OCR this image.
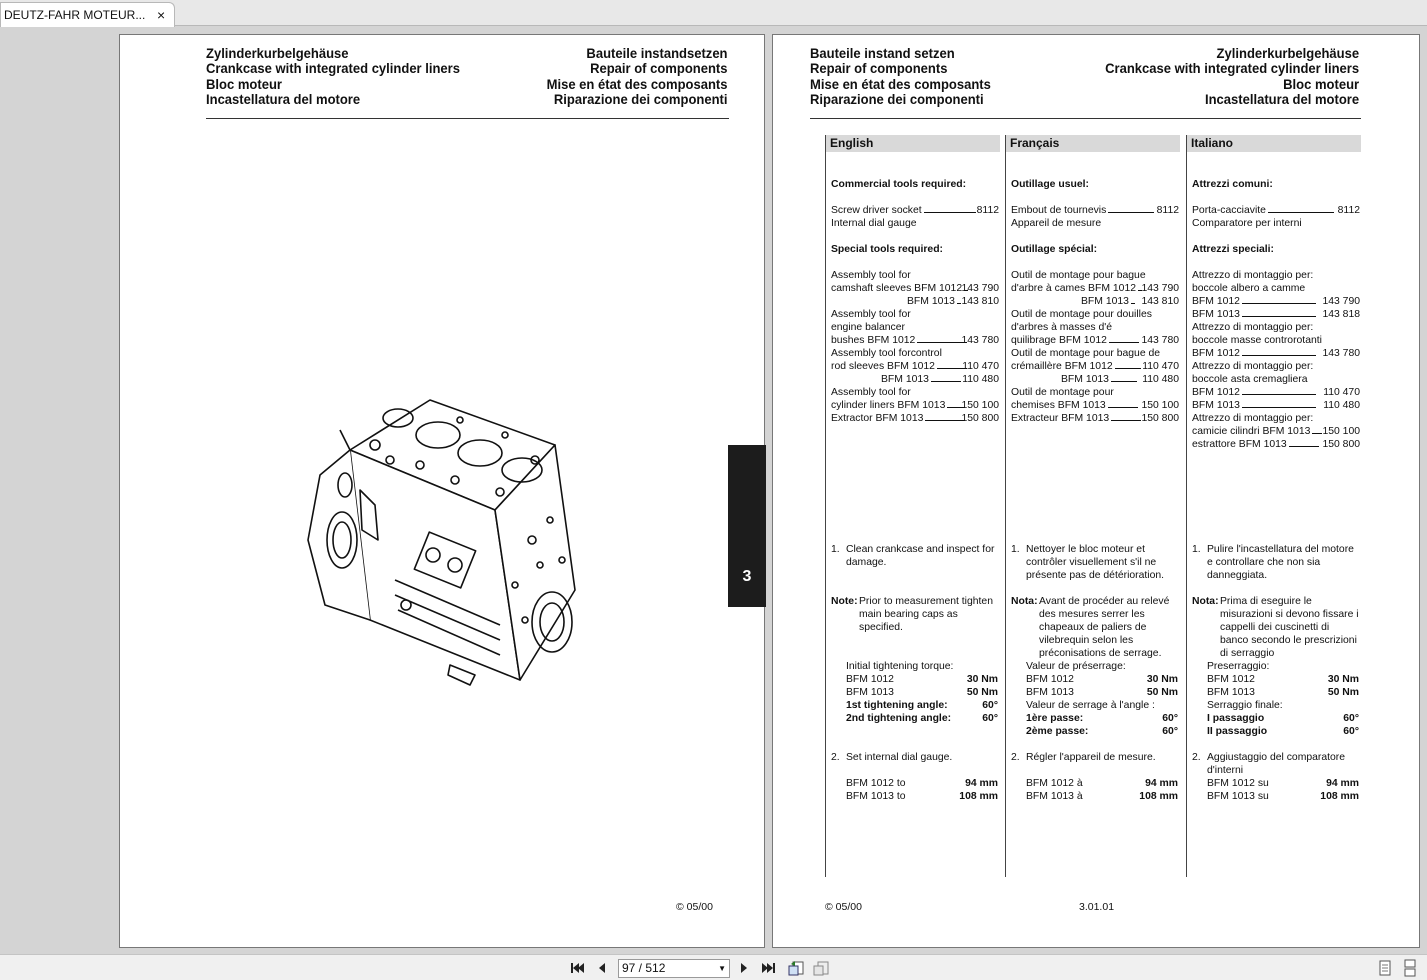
DEUTZ-FAHR MOTEUR... ×
Zylinderkurbelgehäuse
Crankcase with integrated cylinder liners
Bloc moteur
Incastellatura del motore
Bauteile instandsetzen
Repair of components
Mise en état des composants
Riparazione dei componenti
© 05/00
3
Bauteile instand setzen
Repair of components
Mise en état des composants
Riparazione dei componenti
Zylinderkurbelgehäuse
Crankcase with integrated cylinder liners
Bloc moteur
Incastellatura del motore
English
Commercial tools required:
Screw driver socket	8112
Internal dial gauge
Special tools required:
Assembly tool for
camshaft sleeves BFM 1012 143 790
BFM 1013 143 810
Assembly tool for
engine balancer
bushes BFM 1012	143 780
Assembly tool forcontrol
rod sleeves BFM 1012	110 470
BFM 1013	110 480
Assembly tool for
cylinder liners BFM 1013 150 100
Extractor BFM 1013	150 800
1. Clean crankcase and inspect for damage.
Note: Prior to measurement tighten main bearing caps as specified.
Initial tightening torque:
BFM 1012	30 Nm
BFM 1013	50 Nm
1st tightening angle:	60°
2nd tightening angle:	60°
2. Set internal dial gauge.
BFM 1012 to	94 mm
BFM 1013 to	108 mm
Français
Outillage usuel:
Embout de tournevis	8112
Appareil de mesure
Outillage spécial:
Outil de montage pour bague
d'arbre à cames BFM 1012 143 790
BFM 1013 143 810
Outil de montage pour douilles
d'arbres à masses d'é
quilibrage BFM 1012	143 780
Outil de montage pour bague de
crémaillère BFM 1012	110 470
BFM 1013	110 480
Outil de montage pour
chemises BFM 1013	150 100
Extracteur BFM 1013	150 800
1. Nettoyer le bloc moteur et contrôler visuellement s'il ne présente pas de détérioration.
Nota: Avant de procéder au relevé des mesures serrer les chapeaux de paliers de vilebrequin selon les préconisations de serrage.
Valeur de préserrage:
BFM 1012	30 Nm
BFM 1013	50 Nm
Valeur de serrage à l'angle :
1ère passe:	60°
2ème passe:	60°
2. Régler l'appareil de mesure.
BFM 1012 à	94 mm
BFM 1013 à	108 mm
Italiano
Attrezzi comuni:
Porta-cacciavite	8112
Comparatore per interni
Attrezzi speciali:
Attrezzo di montaggio per:
boccole albero a camme
BFM 1012	143 790
BFM 1013	143 818
Attrezzo di montaggio per:
boccole masse controrotanti
BFM 1012	143 780
Attrezzo di montaggio per:
boccole asta cremagliera
BFM 1012	110 470
BFM 1013	110 480
Attrezzo di montaggio per:
camicie cilindri BFM 1013 150 100
estrattore BFM 1013	150 800
1. Pulire l'incastellatura del motore e controllare che non sia danneggiata.
Nota: Prima di eseguire le misurazioni si devono fissare i cappelli dei cuscinetti di banco secondo le prescrizioni di serraggio
Preserraggio:
BFM 1012	30 Nm
BFM 1013	50 Nm
Serraggio finale:
I passaggio	60°
II passaggio	60°
2. Aggiustaggio del comparatore d'interni
BFM 1012 su	94 mm
BFM 1013 su	108 mm
© 05/00	3.01.01
97 / 512	▼
